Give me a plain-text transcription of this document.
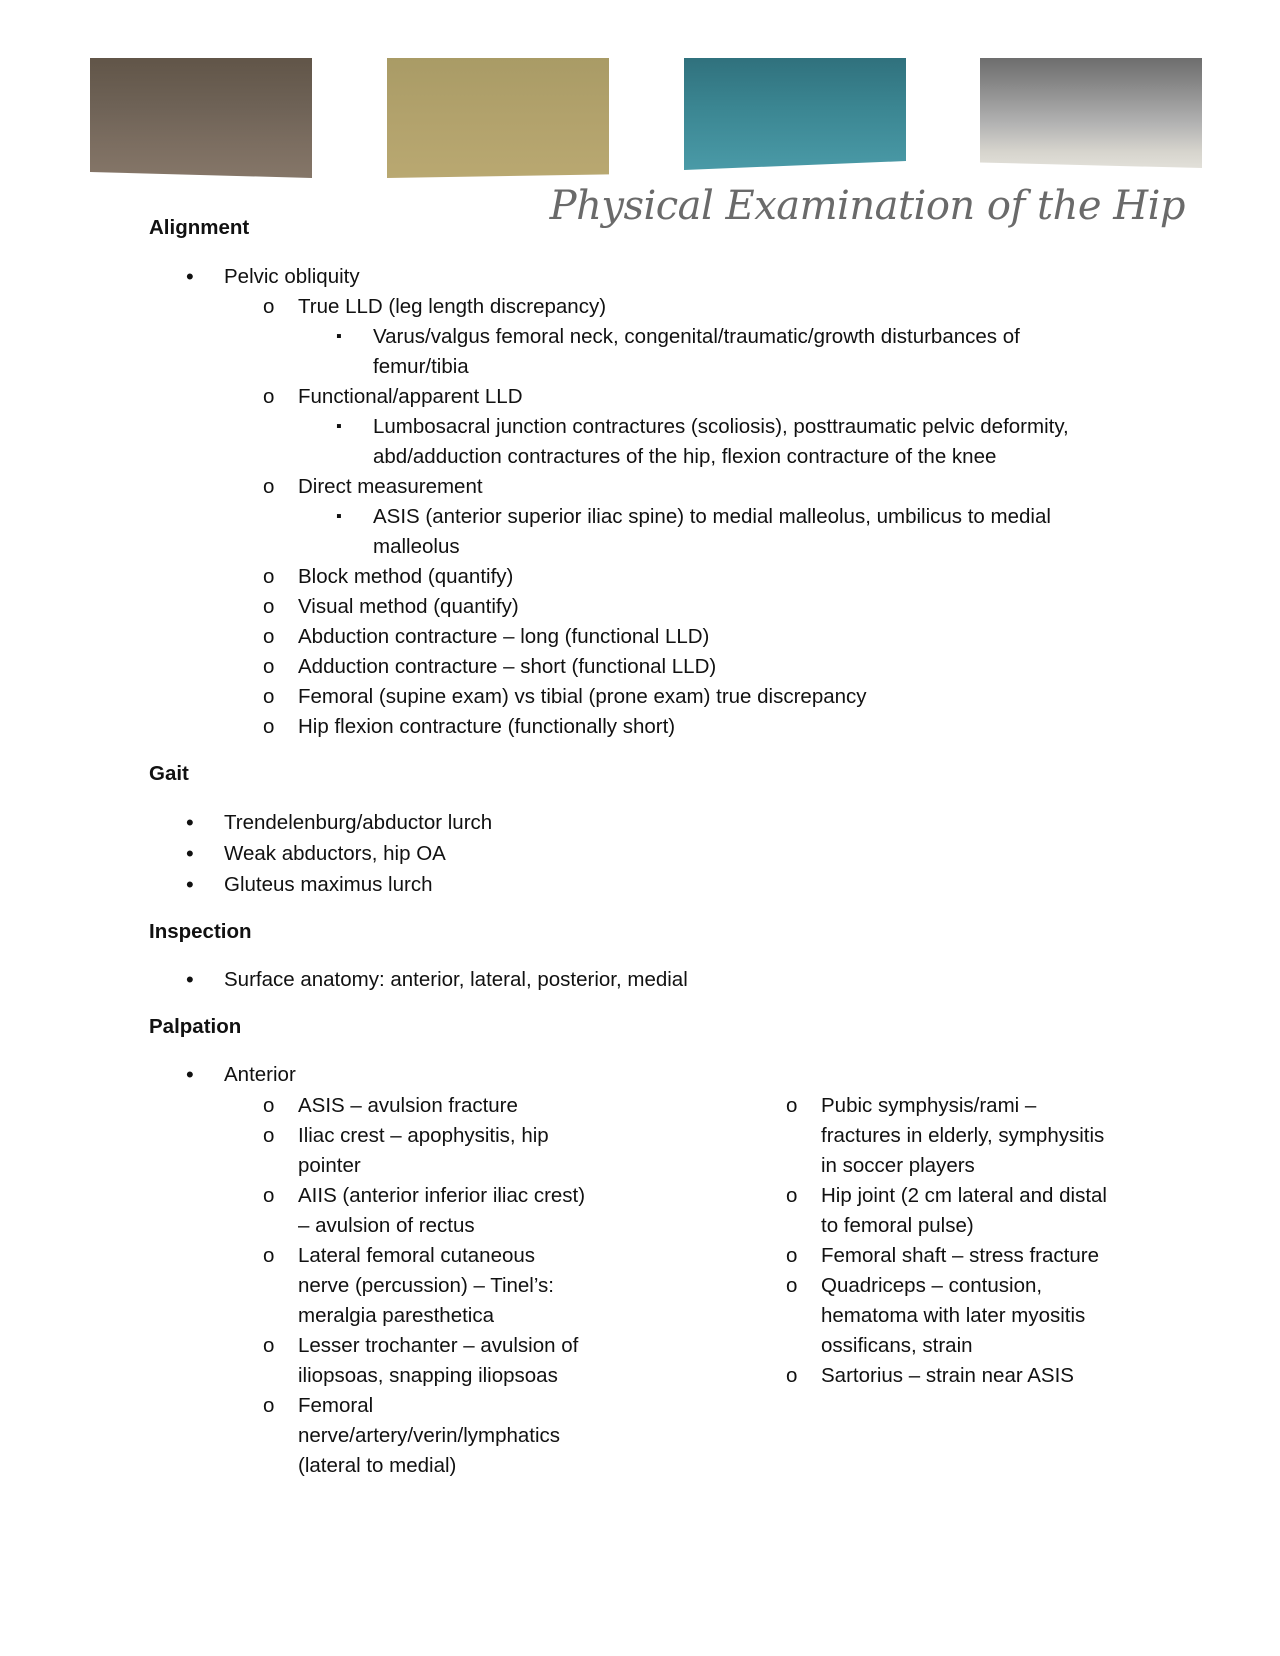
Physical Examination of the Hip
Alignment
• Pelvic obliquity
o True LLD (leg length discrepancy)
▪ Varus/valgus femoral neck, congenital/traumatic/growth disturbances of
femur/tibia
o Functional/apparent LLD
▪ Lumbosacral junction contractures (scoliosis), posttraumatic pelvic deformity,
abd/adduction contractures of the hip, flexion contracture of the knee
o Direct measurement
▪ ASIS (anterior superior iliac spine) to medial malleolus, umbilicus to medial
malleolus
o Block method (quantify)
o Visual method (quantify)
o Abduction contracture – long (functional LLD)
o Adduction contracture – short (functional LLD)
o Femoral (supine exam) vs tibial (prone exam) true discrepancy
o Hip flexion contracture (functionally short)
Gait
• Trendelenburg/abductor lurch
• Weak abductors, hip OA
• Gluteus maximus lurch
Inspection
• Surface anatomy: anterior, lateral, posterior, medial
Palpation
• Anterior
o ASIS – avulsion fracture
o Iliac crest – apophysitis, hip
pointer
o AIIS (anterior inferior iliac crest)
– avulsion of rectus
o Lateral femoral cutaneous
nerve (percussion) – Tinel’s:
meralgia paresthetica
o Lesser trochanter – avulsion of
iliopsoas, snapping iliopsoas
o Femoral
nerve/artery/verin/lymphatics
(lateral to medial)
o Pubic symphysis/rami –
fractures in elderly, symphysitis
in soccer players
o Hip joint (2 cm lateral and distal
to femoral pulse)
o Femoral shaft – stress fracture
o Quadriceps – contusion,
hematoma with later myositis
ossificans, strain
o Sartorius – strain near ASIS
